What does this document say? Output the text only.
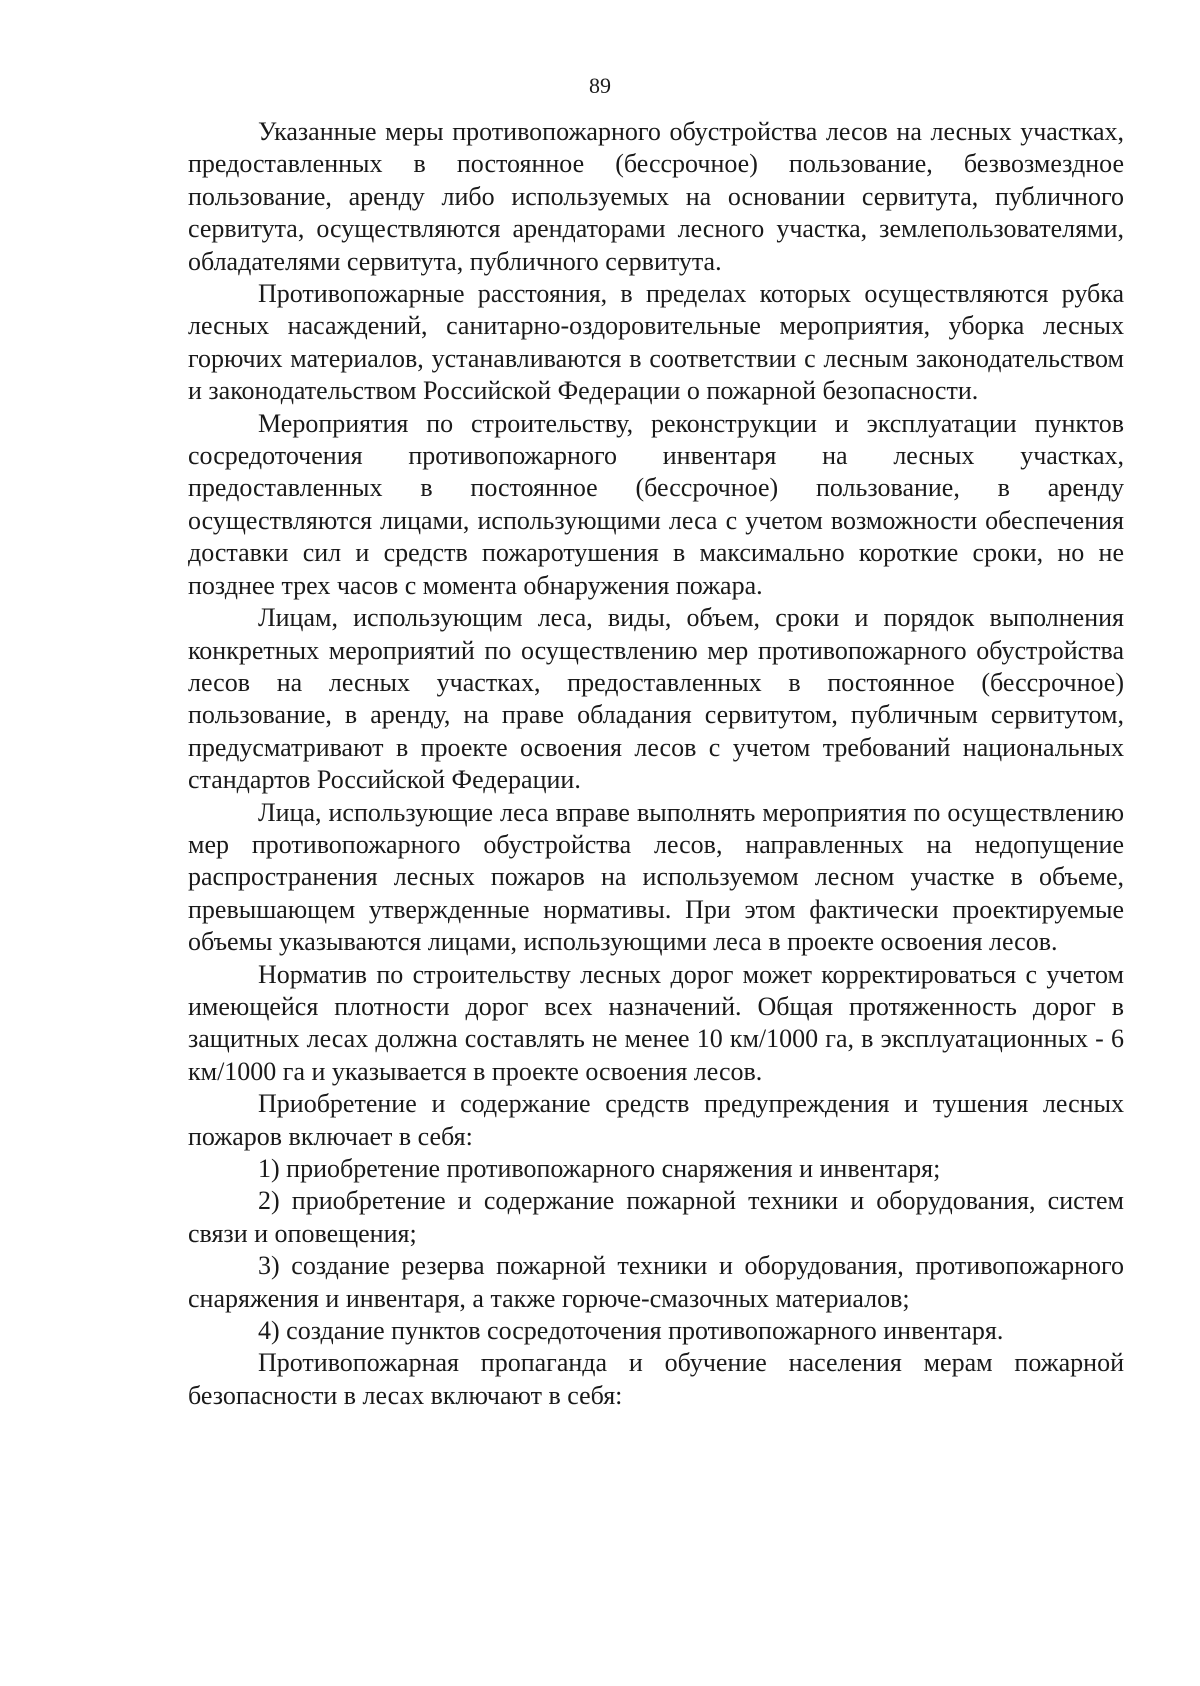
89

Указанные меры противопожарного обустройства лесов на лесных участках, предоставленных в постоянное (бессрочное) пользование, безвозмездное пользование, аренду либо используемых на основании сервитута, публичного сервитута, осуществляются арендаторами лесного участка, землепользователями, обладателями сервитута, публичного сервитута.

Противопожарные расстояния, в пределах которых осуществляются рубка лесных насаждений, санитарно-оздоровительные мероприятия, уборка лесных горючих материалов, устанавливаются в соответствии с лесным законодательством и законодательством Российской Федерации о пожарной безопасности.

Мероприятия по строительству, реконструкции и эксплуатации пунктов сосредоточения противопожарного инвентаря на лесных участках, предоставленных в постоянное (бессрочное) пользование, в аренду осуществляются лицами, использующими леса с учетом возможности обеспечения доставки сил и средств пожаротушения в максимально короткие сроки, но не позднее трех часов с момента обнаружения пожара.

Лицам, использующим леса, виды, объем, сроки и порядок выполнения конкретных мероприятий по осуществлению мер противопожарного обустройства лесов на лесных участках, предоставленных в постоянное (бессрочное) пользование, в аренду, на праве обладания сервитутом, публичным сервитутом, предусматривают в проекте освоения лесов с учетом требований национальных стандартов Российской Федерации.

Лица, использующие леса вправе выполнять мероприятия по осуществлению мер противопожарного обустройства лесов, направленных на недопущение распространения лесных пожаров на используемом лесном участке в объеме, превышающем утвержденные нормативы. При этом фактически проектируемые объемы указываются лицами, использующими леса в проекте освоения лесов.

Норматив по строительству лесных дорог может корректироваться с учетом имеющейся плотности дорог всех назначений. Общая протяженность дорог в защитных лесах должна составлять не менее 10 км/1000 га, в эксплуатационных - 6 км/1000 га и указывается в проекте освоения лесов.

Приобретение и содержание средств предупреждения и тушения лесных пожаров включает в себя:

1) приобретение противопожарного снаряжения и инвентаря;

2) приобретение и содержание пожарной техники и оборудования, систем связи и оповещения;

3) создание резерва пожарной техники и оборудования, противопожарного снаряжения и инвентаря, а также горюче-смазочных материалов;

4) создание пунктов сосредоточения противопожарного инвентаря.

Противопожарная пропаганда и обучение населения мерам пожарной безопасности в лесах включают в себя:
